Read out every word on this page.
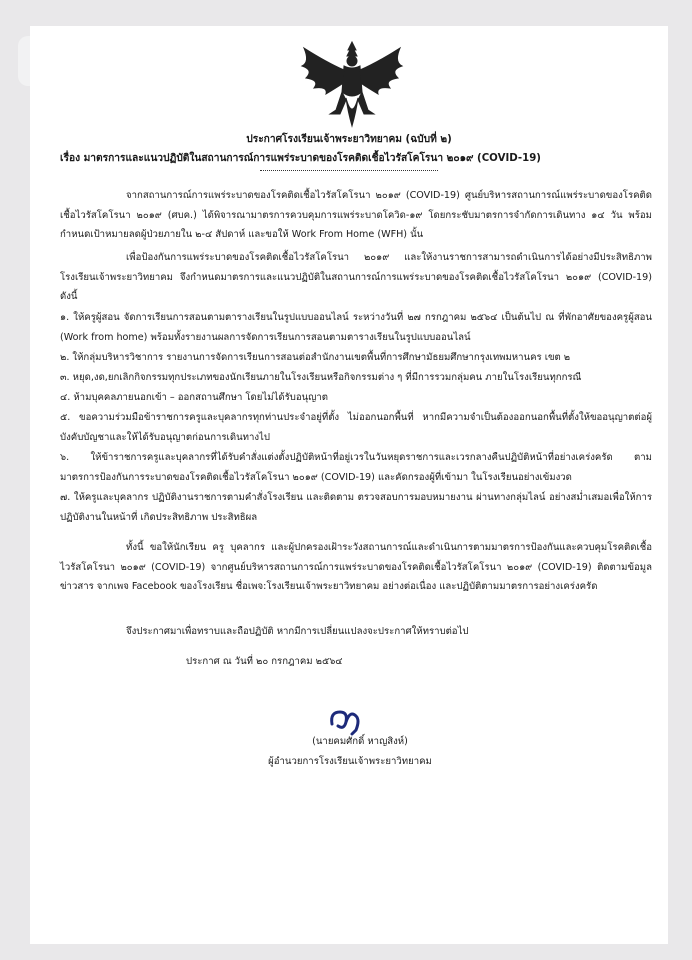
ประกาศโรงเรียนเจ้าพระยาวิทยาคม (ฉบับที่ ๒)
เรื่อง มาตรการและแนวปฏิบัติในสถานการณ์การแพร่ระบาดของโรคติดเชื้อไวรัสโคโรนา ๒๐๑๙ (COVID-19)
จากสถานการณ์การแพร่ระบาดของโรคติดเชื้อไวรัสโคโรนา ๒๐๑๙ (COVID-19) ศูนย์บริหารสถานการณ์แพร่ระบาดของโรคติดเชื้อไวรัสโคโรนา ๒๐๑๙ (ศบค.) ได้พิจารณามาตรการควบคุมการแพร่ระบาดโควิด-๑๙ โดยกระชับมาตรการจำกัดการเดินทาง ๑๔ วัน พร้อมกำหนดเป้าหมายลดผู้ป่วยภายใน ๒-๔ สัปดาห์ และขอให้ Work From Home (WFH) นั้น
เพื่อป้องกันการแพร่ระบาดของโรคติดเชื้อไวรัสโคโรนา ๒๐๑๙ และให้งานราชการสามารถดำเนินการได้อย่างมีประสิทธิภาพ โรงเรียนเจ้าพระยาวิทยาคม จึงกำหนดมาตรการและแนวปฏิบัติในสถานการณ์การแพร่ระบาดของโรคติดเชื้อไวรัสโคโรนา ๒๐๑๙ (COVID-19) ดังนี้
๑. ให้ครูผู้สอน จัดการเรียนการสอนตามตารางเรียนในรูปแบบออนไลน์ ระหว่างวันที่ ๒๗ กรกฎาคม ๒๕๖๔ เป็นต้นไป ณ ที่พักอาศัยของครูผู้สอน (Work from home) พร้อมทั้งรายงานผลการจัดการเรียนการสอนตามตารางเรียนในรูปแบบออนไลน์
๒. ให้กลุ่มบริหารวิชาการ รายงานการจัดการเรียนการสอนต่อสำนักงานเขตพื้นที่การศึกษามัธยมศึกษากรุงเทพมหานคร เขต ๒
๓. หยุด,งด,ยกเลิกกิจกรรมทุกประเภทของนักเรียนภายในโรงเรียนหรือกิจกรรมต่าง ๆ ที่มีการรวมกลุ่มคน ภายในโรงเรียนทุกกรณี
๔. ห้ามบุคคลภายนอกเข้า – ออกสถานศึกษา โดยไม่ได้รับอนุญาต
๕. ขอความร่วมมือข้าราชการครูและบุคลากรทุกท่านประจำอยู่ที่ตั้ง ไม่ออกนอกพื้นที่ หากมีความจำเป็นต้องออกนอกพื้นที่ตั้งให้ขออนุญาตต่อผู้บังคับบัญชาและให้ได้รับอนุญาตก่อนการเดินทางไป
๖. ให้ข้าราชการครูและบุคลากรที่ได้รับคำสั่งแต่งตั้งปฏิบัติหน้าที่อยู่เวรในวันหยุดราชการและเวรกลางคืนปฏิบัติหน้าที่อย่างเคร่งครัด ตามมาตรการป้องกันการระบาดของโรคติดเชื้อไวรัสโคโรนา ๒๐๑๙ (COVID-19) และคัดกรองผู้ที่เข้ามา ในโรงเรียนอย่างเข้มงวด
๗. ให้ครูและบุคลากร ปฏิบัติงานราชการตามคำสั่งโรงเรียน และติดตาม ตรวจสอบการมอบหมายงาน ผ่านทางกลุ่มไลน์ อย่างสม่ำเสมอเพื่อให้การปฏิบัติงานในหน้าที่ เกิดประสิทธิภาพ ประสิทธิผล
ทั้งนี้ ขอให้นักเรียน ครู บุคลากร และผู้ปกครองเฝ้าระวังสถานการณ์และดำเนินการตามมาตรการป้องกันและควบคุมโรคติดเชื้อไวรัสโคโรนา ๒๐๑๙ (COVID-19) จากศูนย์บริหารสถานการณ์การแพร่ระบาดของโรคติดเชื้อไวรัสโคโรนา ๒๐๑๙ (COVID-19) ติดตามข้อมูล ข่าวสาร จากเพจ Facebook ของโรงเรียน ชื่อเพจ:โรงเรียนเจ้าพระยาวิทยาคม อย่างต่อเนื่อง และปฏิบัติตามมาตรการอย่างเคร่งครัด
จึงประกาศมาเพื่อทราบและถือปฏิบัติ หากมีการเปลี่ยนแปลงจะประกาศให้ทราบต่อไป
ประกาศ ณ วันที่ ๒๐ กรกฎาคม ๒๕๖๔
(นายคมศักดิ์ หาญสิงห์)
ผู้อำนวยการโรงเรียนเจ้าพระยาวิทยาคม
